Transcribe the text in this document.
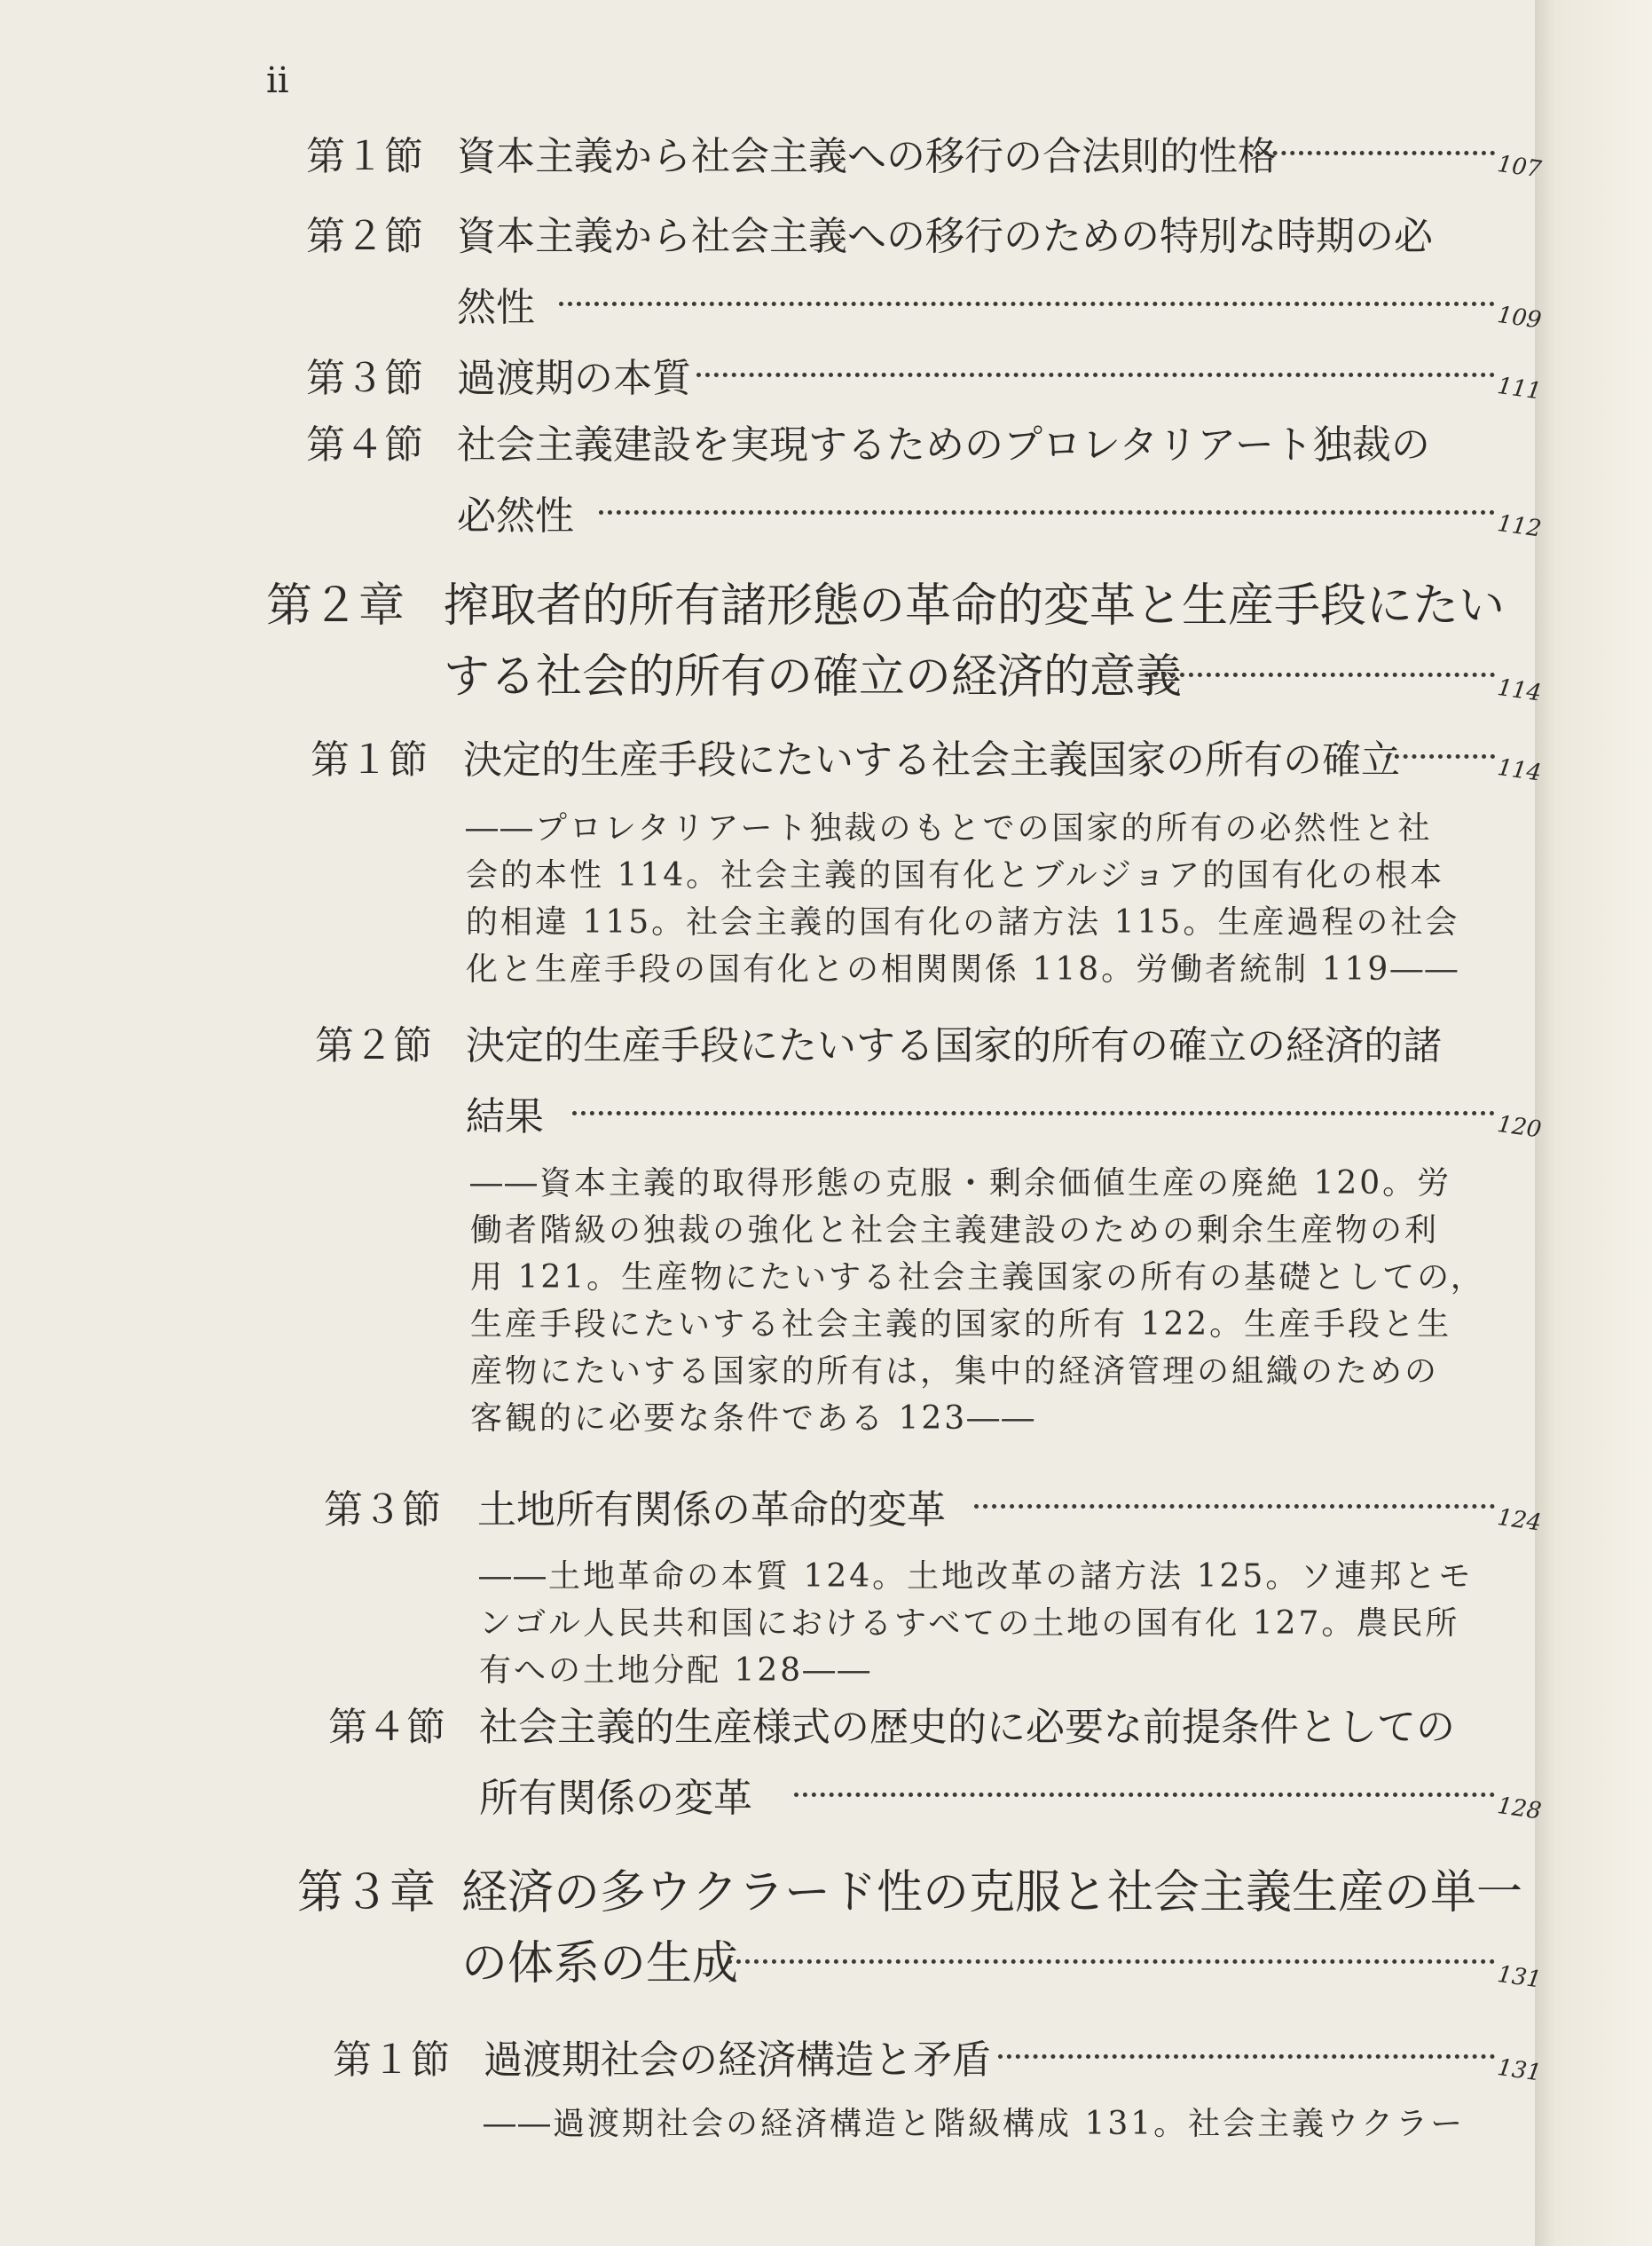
ii
第１節 資本主義から社会主義への移行の合法則的性格	107
第２節 資本主義から社会主義への移行のための特別な時期の必
然性	109
第３節 過渡期の本質	111
第４節 社会主義建設を実現するためのプロレタリアート独裁の
必然性	112
第２章 搾取者的所有諸形態の革命的変革と生産手段にたい
する社会的所有の確立の経済的意義	114
第１節 決定的生産手段にたいする社会主義国家の所有の確立	114
――プロレタリアート独裁のもとでの国家的所有の必然性と社
会的本性 114。社会主義的国有化とブルジョア的国有化の根本
的相違 115。社会主義的国有化の諸方法 115。生産過程の社会
化と生産手段の国有化との相関関係 118。労働者統制 119――
第２節 決定的生産手段にたいする国家的所有の確立の経済的諸
結果	120
――資本主義的取得形態の克服・剰余価値生産の廃絶 120。労
働者階級の独裁の強化と社会主義建設のための剰余生産物の利
用 121。生産物にたいする社会主義国家の所有の基礎としての，
生産手段にたいする社会主義的国家的所有 122。生産手段と生
産物にたいする国家的所有は，集中的経済管理の組織のための
客観的に必要な条件である 123――
第３節 土地所有関係の革命的変革	124
――土地革命の本質 124。土地改革の諸方法 125。ソ連邦とモ
ンゴル人民共和国におけるすべての土地の国有化 127。農民所
有への土地分配 128――
第４節 社会主義的生産様式の歴史的に必要な前提条件としての
所有関係の変革	128
第３章 経済の多ウクラード性の克服と社会主義生産の単一
の体系の生成	131
第１節 過渡期社会の経済構造と矛盾	131
――過渡期社会の経済構造と階級構成 131。社会主義ウクラー
